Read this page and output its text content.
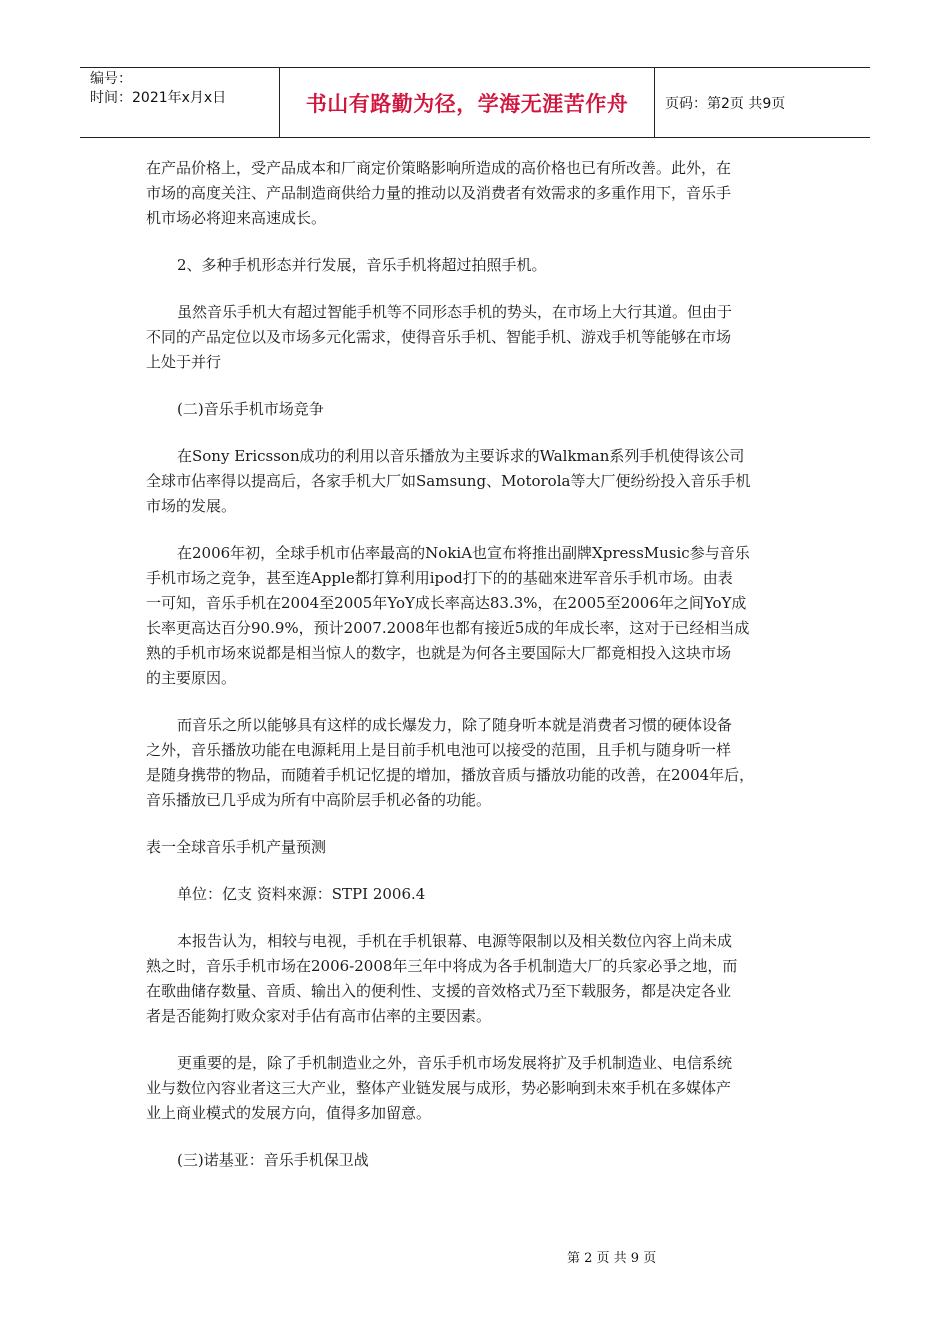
编号：
时间：2021年x月x日	书山有路勤为径，学海无涯苦作舟	页码：第2页 共9页

在产品价格上，受产品成本和厂商定价策略影响所造成的高价格也已有所改善。此外，在
市场的高度关注、产品制造商供给力量的推动以及消费者有效需求的多重作用下，音乐手
机市场必将迎来高速成长。

2、多种手机形态并行发展，音乐手机将超过拍照手机。

虽然音乐手机大有超过智能手机等不同形态手机的势头，在市场上大行其道。但由于
不同的产品定位以及市场多元化需求，使得音乐手机、智能手机、游戏手机等能够在市场
上处于并行

(二)音乐手机市场竞争

在Sony Ericsson成功的利用以音乐播放为主要诉求的Walkman系列手机使得该公司
全球市佔率得以提高后，各家手机大厂如Samsung、Motorola等大厂便纷纷投入音乐手机
市场的发展。

在2006年初，全球手机市佔率最高的NokiA也宣布将推出副牌XpressMusic参与音乐
手机市场之竞争，甚至连Apple都打算利用ipod打下的的基础來进军音乐手机市场。由表
一可知，音乐手机在2004至2005年YoY成长率高达83.3%，在2005至2006年之间YoY成
长率更高达百分90.9%，预计2007.2008年也都有接近5成的年成长率，这对于已经相当成
熟的手机市场來说都是相当惊人的数字，也就是为何各主要国际大厂都竟相投入这块市场
的主要原因。

而音乐之所以能够具有这样的成长爆发力，除了随身听本就是消费者习惯的硬体设备
之外，音乐播放功能在电源耗用上是目前手机电池可以接受的范围，且手机与随身听一样
是随身携带的物品，而随着手机记忆提的增加，播放音质与播放功能的改善，在2004年后，
音乐播放已几乎成为所有中高阶层手机必备的功能。

表一全球音乐手机产量预测

单位：亿支 资料來源：STPI 2006.4

本报告认为，相较与电视，手机在手机银幕、电源等限制以及相关数位內容上尚未成
熟之时，音乐手机市场在2006-2008年三年中将成为各手机制造大厂的兵家必爭之地，而
在歌曲储存数量、音质、输出入的便利性、支援的音效格式乃至下载服务，都是决定各业
者是否能夠打败众家对手佔有高市佔率的主要因素。

更重要的是，除了手机制造业之外，音乐手机市场发展将扩及手机制造业、电信系统
业与数位內容业者这三大产业，整体产业链发展与成形，势必影响到未來手机在多媒体产
业上商业模式的发展方向，值得多加留意。

(三)诺基亚：音乐手机保卫战

第 2 页 共 9 页
